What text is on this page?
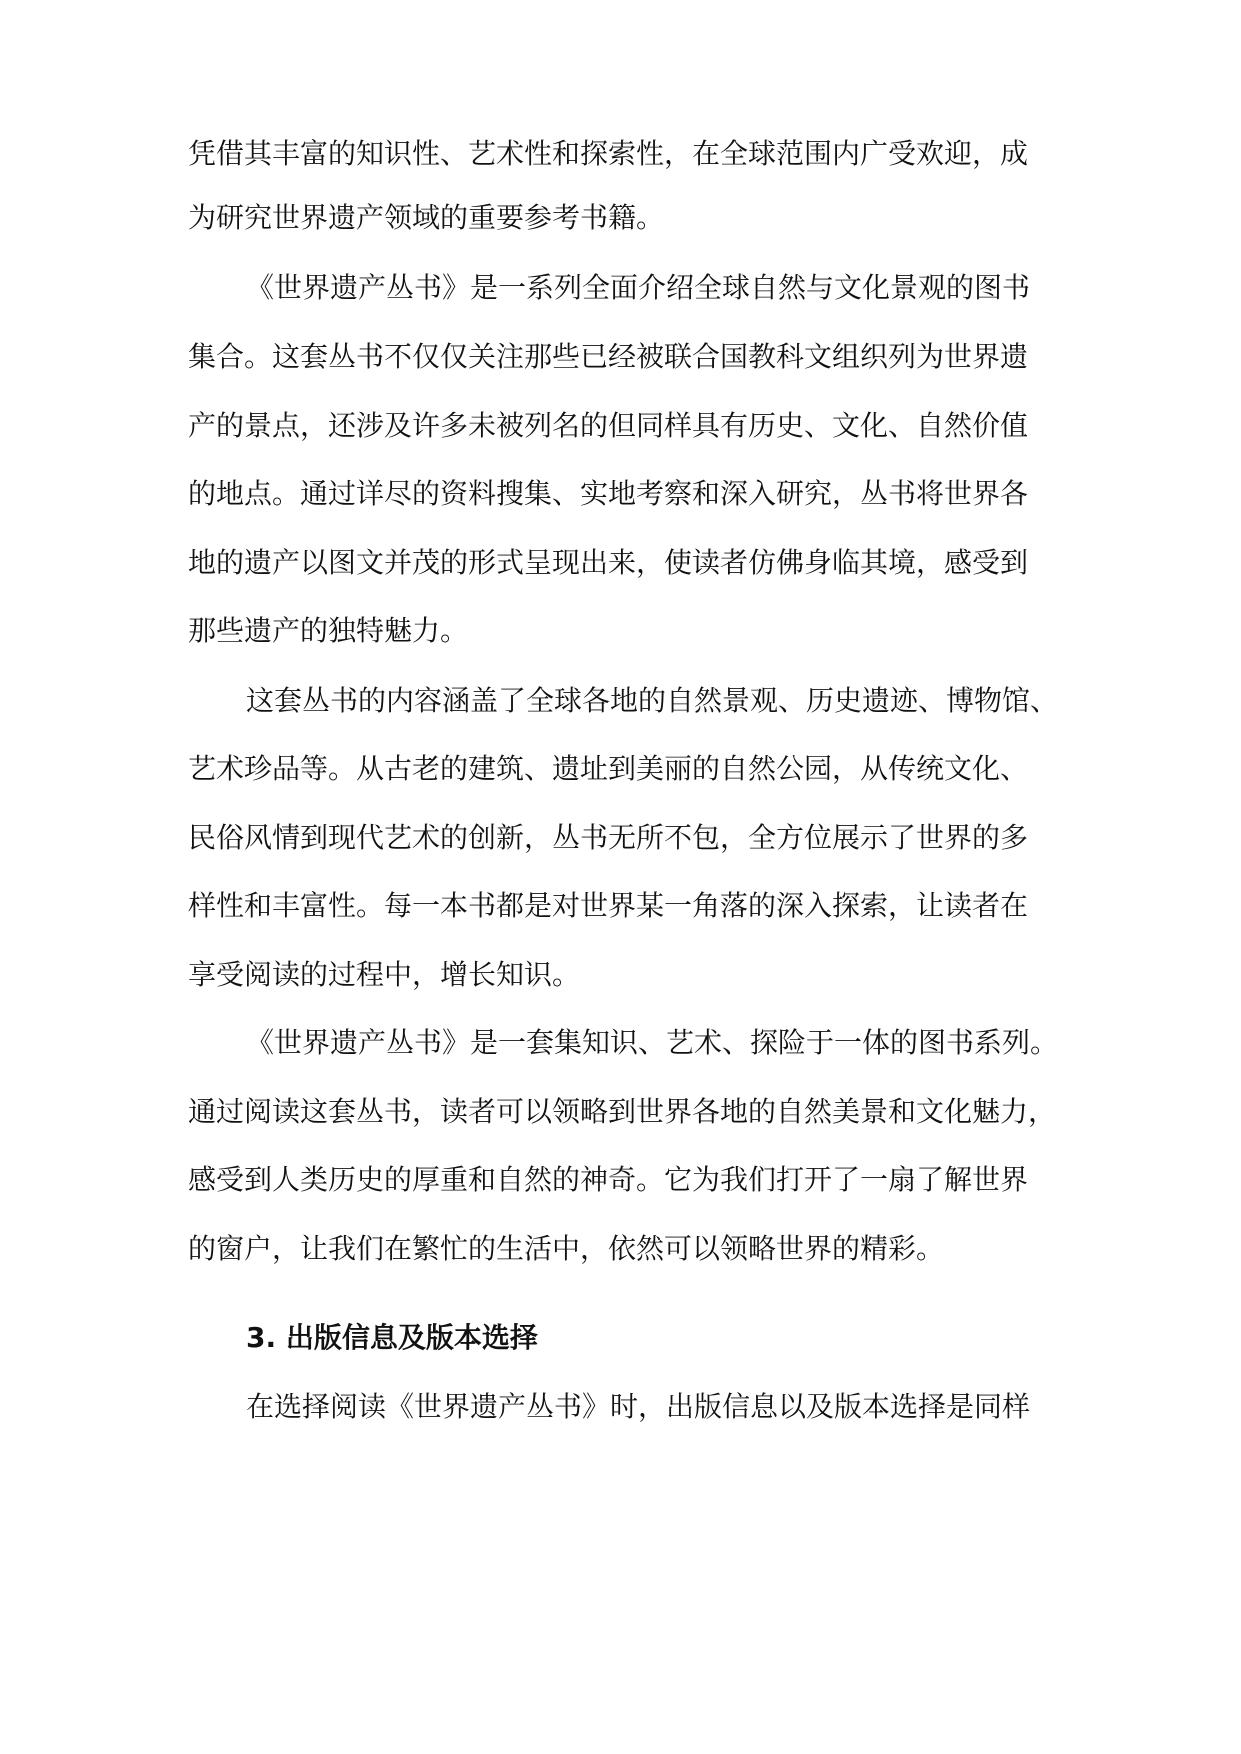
凭借其丰富的知识性、艺术性和探索性，在全球范围内广受欢迎，成
为研究世界遗产领域的重要参考书籍。
《世界遗产丛书》是一系列全面介绍全球自然与文化景观的图书
集合。这套丛书不仅仅关注那些已经被联合国教科文组织列为世界遗
产的景点，还涉及许多未被列名的但同样具有历史、文化、自然价值
的地点。通过详尽的资料搜集、实地考察和深入研究，丛书将世界各
地的遗产以图文并茂的形式呈现出来，使读者仿佛身临其境，感受到
那些遗产的独特魅力。
这套丛书的内容涵盖了全球各地的自然景观、历史遗迹、博物馆、
艺术珍品等。从古老的建筑、遗址到美丽的自然公园，从传统文化、
民俗风情到现代艺术的创新，丛书无所不包，全方位展示了世界的多
样性和丰富性。每一本书都是对世界某一角落的深入探索，让读者在
享受阅读的过程中，增长知识。
《世界遗产丛书》是一套集知识、艺术、探险于一体的图书系列。
通过阅读这套丛书，读者可以领略到世界各地的自然美景和文化魅力，
感受到人类历史的厚重和自然的神奇。它为我们打开了一扇了解世界
的窗户，让我们在繁忙的生活中，依然可以领略世界的精彩。
3. 出版信息及版本选择
在选择阅读《世界遗产丛书》时，出版信息以及版本选择是同样
